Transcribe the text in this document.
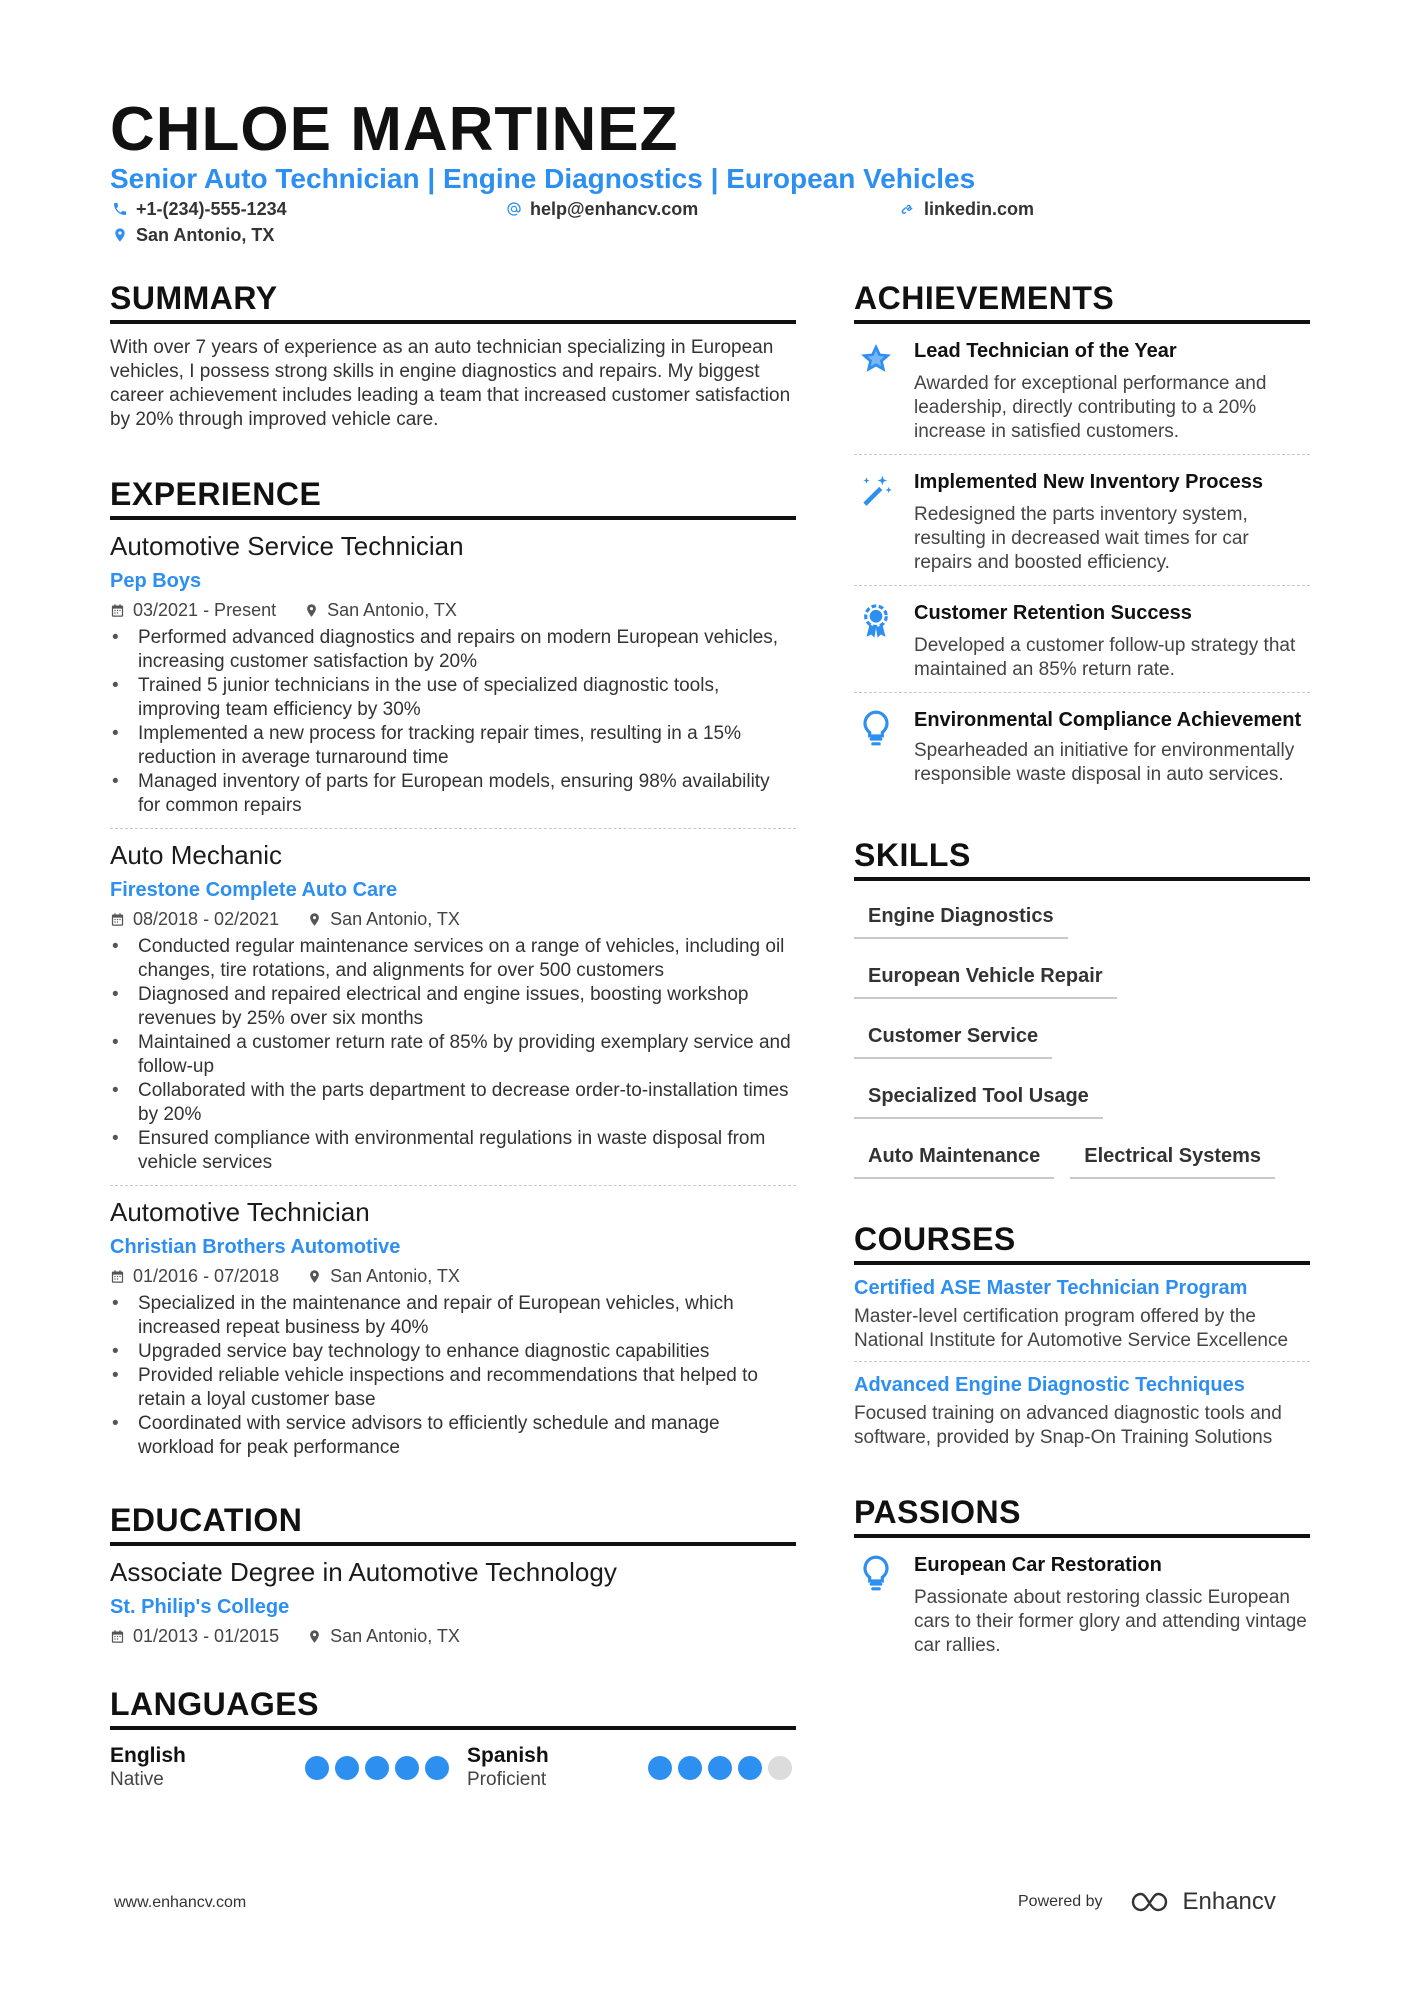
CHLOE MARTINEZ
Senior Auto Technician | Engine Diagnostics | European Vehicles
+1-(234)-555-1234	help@enhancv.com	linkedin.com
San Antonio, TX
SUMMARY
With over 7 years of experience as an auto technician specializing in European vehicles, I possess strong skills in engine diagnostics and repairs. My biggest career achievement includes leading a team that increased customer satisfaction by 20% through improved vehicle care.
EXPERIENCE
Automotive Service Technician
Pep Boys
03/2021 - Present	San Antonio, TX
• Performed advanced diagnostics and repairs on modern European vehicles, increasing customer satisfaction by 20%
• Trained 5 junior technicians in the use of specialized diagnostic tools, improving team efficiency by 30%
• Implemented a new process for tracking repair times, resulting in a 15% reduction in average turnaround time
• Managed inventory of parts for European models, ensuring 98% availability for common repairs
Auto Mechanic
Firestone Complete Auto Care
08/2018 - 02/2021	San Antonio, TX
• Conducted regular maintenance services on a range of vehicles, including oil changes, tire rotations, and alignments for over 500 customers
• Diagnosed and repaired electrical and engine issues, boosting workshop revenues by 25% over six months
• Maintained a customer return rate of 85% by providing exemplary service and follow-up
• Collaborated with the parts department to decrease order-to-installation times by 20%
• Ensured compliance with environmental regulations in waste disposal from vehicle services
Automotive Technician
Christian Brothers Automotive
01/2016 - 07/2018	San Antonio, TX
• Specialized in the maintenance and repair of European vehicles, which increased repeat business by 40%
• Upgraded service bay technology to enhance diagnostic capabilities
• Provided reliable vehicle inspections and recommendations that helped to retain a loyal customer base
• Coordinated with service advisors to efficiently schedule and manage workload for peak performance
EDUCATION
Associate Degree in Automotive Technology
St. Philip's College
01/2013 - 01/2015	San Antonio, TX
LANGUAGES
English
Native
Spanish
Proficient
ACHIEVEMENTS
Lead Technician of the Year
Awarded for exceptional performance and leadership, directly contributing to a 20% increase in satisfied customers.
Implemented New Inventory Process
Redesigned the parts inventory system, resulting in decreased wait times for car repairs and boosted efficiency.
Customer Retention Success
Developed a customer follow-up strategy that maintained an 85% return rate.
Environmental Compliance Achievement
Spearheaded an initiative for environmentally responsible waste disposal in auto services.
SKILLS
Engine Diagnostics
European Vehicle Repair
Customer Service
Specialized Tool Usage
Auto Maintenance	Electrical Systems
COURSES
Certified ASE Master Technician Program
Master-level certification program offered by the National Institute for Automotive Service Excellence
Advanced Engine Diagnostic Techniques
Focused training on advanced diagnostic tools and software, provided by Snap-On Training Solutions
PASSIONS
European Car Restoration
Passionate about restoring classic European cars to their former glory and attending vintage car rallies.
www.enhancv.com	Powered by	Enhancv
